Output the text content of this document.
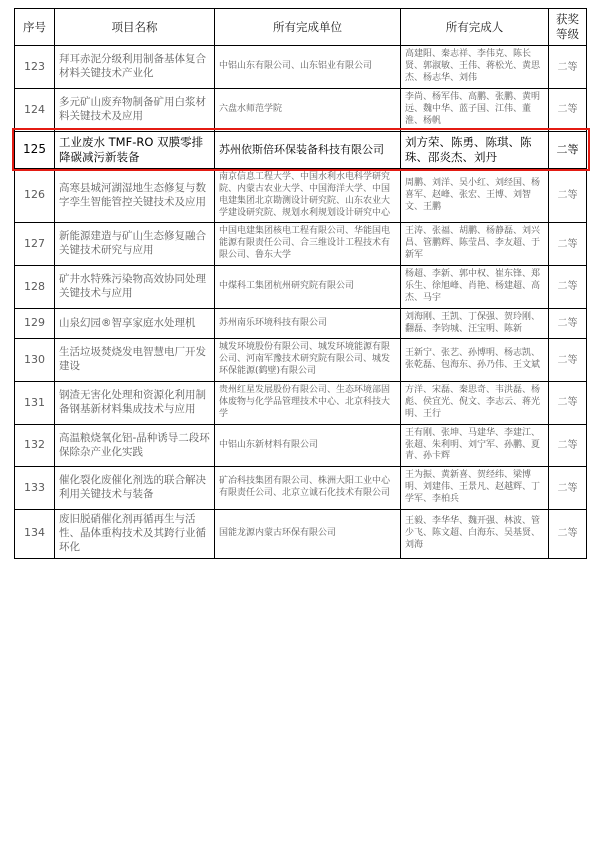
序号	项目名称	所有完成单位	所有完成人	获奖
等级

123	拜耳赤泥分级利用制备基体复合材料关键技术产业化	中铝山东有限公司、山东铝业有限公司	高建阳、秦志祥、李伟克、陈长贤、郭淑敏、王伟、蒋松光、黄思杰、杨志华、刘伟	二等
124	多元矿山废弃物制备矿用白浆材料关键技术及应用	六盘水师范学院	李尚、杨军伟、高鹏、张鹏、黄明远、魏中华、蓝子国、江伟、董淮、杨帆	二等
125	工业废水 TMF-RO 双膜零排降碳减污新装备	苏州依斯倍环保装备科技有限公司	刘方荣、陈勇、陈琪、陈珠、邵炎杰、刘丹	二等
126	高寒县城河湖湿地生态修复与数字孪生智能管控关键技术及应用	南京信息工程大学、中国水利水电科学研究院、内蒙古农业大学、中国海洋大学、中国电建集团北京勘测设计研究院、山东农业大学建设研究院、规划水利规划设计研究中心	周鹏、刘洋、吴小红、刘经国、杨喜军、赵峰、张宏、王博、刘智文、王鹏	二等
127	新能源建造与矿山生态修复融合关键技术研究与应用	中国电建集团核电工程有限公司、华能国电能源有限责任公司、合三维设计工程技术有限公司、鲁东大学	王涛、张福、胡鹏、杨静磊、刘兴昌、管鹏辉、陈莹昌、李友超、于新军	二等
128	矿井水特殊污染物高效协同处理关键技术与应用	中煤科工集团杭州研究院有限公司	杨超、李新、郭中权、崔东锋、郑乐生、徐旭峰、肖艳、杨建超、高杰、马宇	二等
129	山泉幻园®智享家庭水处理机	苏州南乐环境科技有限公司	刘海刚、王凯、丁保强、贺玲刚、翻磊、李钧城、汪宝明、陈新	二等
130	生活垃圾焚烧发电智慧电厂开发建设	城发环境股份有限公司、城发环境能源有限公司、河南军豫技术研究院有限公司、城发环保能源(鹤壁)有限公司	王新宁、张艺、孙博明、杨志凯、张乾磊、包海东、孙乃伟、王文斌	二等
131	钢渣无害化处理和资源化利用制备钢基新材料集成技术与应用	贵州红星发展股份有限公司、生态环境部固体废物与化学品管理技术中心、北京科技大学	方洋、宋磊、秦思奇、韦洪磊、杨彪、侯宜光、倪文、李志云、蒋光明、王行	二等
132	高温粮烧氧化铝-晶种诱导二段环保除杂产业化实践	中铝山东新材料有限公司	王有刚、张坤、马建华、李建江、张超、朱利明、刘宁军、孙鹏、夏青、孙卡辉	二等
133	催化裂化废催化剂选的联合解决利用关键技术与装备	矿冶科技集团有限公司、株洲大阳工业中心有限责任公司、北京立诚石化技术有限公司	王为振、黄新喜、贺经纬、梁博明、刘建伟、王景凡、赵越辉、丁学军、李柏兵	二等
134	废旧脱硝催化剂再循再生与活性、晶体重构技术及其跨行业循环化	国能龙源内蒙古环保有限公司	王毅、李华华、魏开强、林波、管少飞、陈文超、白海东、吴基贤、刘海	二等
